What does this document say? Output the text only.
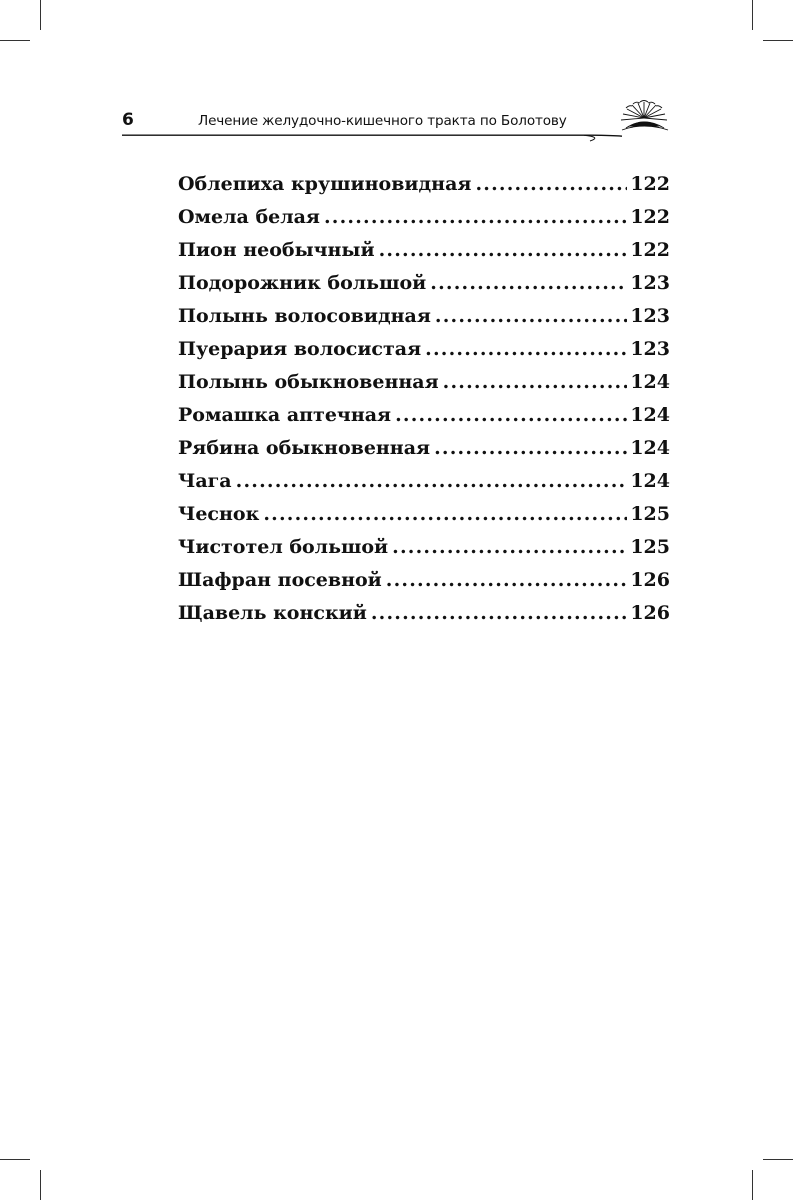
6	Лечение желудочно-кишечного тракта по Болотову
Облепиха крушиновидная .....	122
Омела белая .....	122
Пион необычный .....	122
Подорожник большой .....	123
Полынь волосовидная .....	123
Пуерария волосистая .....	123
Полынь обыкновенная .....	124
Ромашка аптечная .....	124
Рябина обыкновенная .....	124
Чага .....	124
Чеснок .....	125
Чистотел большой .....	125
Шафран посевной .....	126
Щавель конский .....	126
